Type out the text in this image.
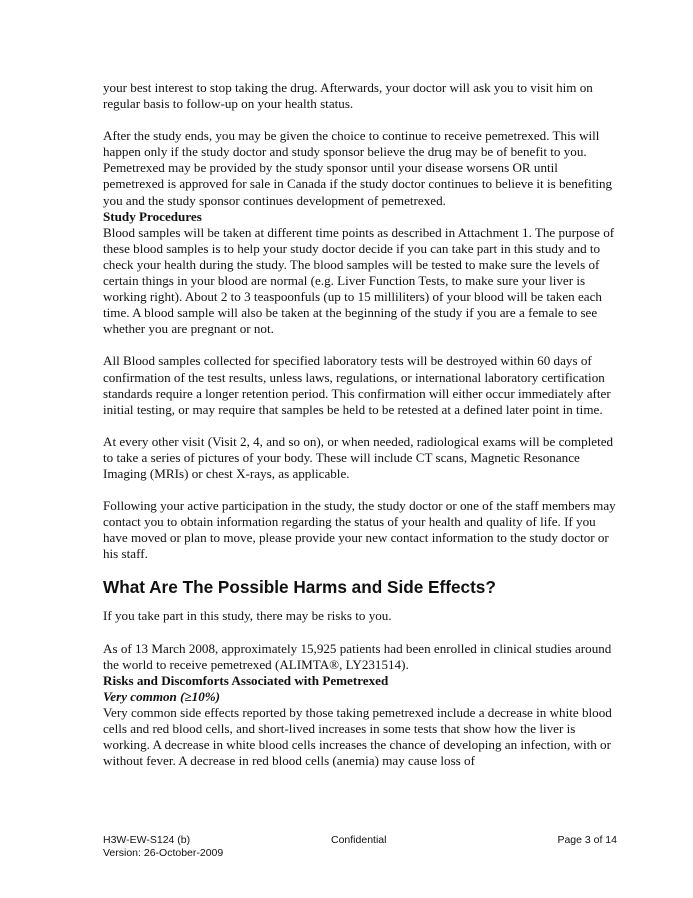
your best interest to stop taking the drug. Afterwards, your doctor will ask you to visit him on regular basis to follow-up on your health status.

After the study ends, you may be given the choice to continue to receive pemetrexed. This will happen only if the study doctor and study sponsor believe the drug may be of benefit to you. Pemetrexed may be provided by the study sponsor until your disease worsens OR until pemetrexed is approved for sale in Canada if the study doctor continues to believe it is benefiting you and the study sponsor continues development of pemetrexed.

Study Procedures

Blood samples will be taken at different time points as described in Attachment 1. The purpose of these blood samples is to help your study doctor decide if you can take part in this study and to check your health during the study. The blood samples will be tested to make sure the levels of certain things in your blood are normal (e.g. Liver Function Tests, to make sure your liver is working right). About 2 to 3 teaspoonfuls (up to 15 milliliters) of your blood will be taken each time. A blood sample will also be taken at the beginning of the study if you are a female to see whether you are pregnant or not.

All Blood samples collected for specified laboratory tests will be destroyed within 60 days of confirmation of the test results, unless laws, regulations, or international laboratory certification standards require a longer retention period. This confirmation will either occur immediately after initial testing, or may require that samples be held to be retested at a defined later point in time.

At every other visit (Visit 2, 4, and so on), or when needed, radiological exams will be completed to take a series of pictures of your body. These will include CT scans, Magnetic Resonance Imaging (MRIs) or chest X-rays, as applicable.

Following your active participation in the study, the study doctor or one of the staff members may contact you to obtain information regarding the status of your health and quality of life. If you have moved or plan to move, please provide your new contact information to the study doctor or his staff.

What Are The Possible Harms and Side Effects?

If you take part in this study, there may be risks to you.

As of 13 March 2008, approximately 15,925 patients had been enrolled in clinical studies around the world to receive pemetrexed (ALIMTA®, LY231514).

Risks and Discomforts Associated with Pemetrexed

Very common (≥10%)

Very common side effects reported by those taking pemetrexed include a decrease in white blood cells and red blood cells, and short-lived increases in some tests that show how the liver is working. A decrease in white blood cells increases the chance of developing an infection, with or without fever. A decrease in red blood cells (anemia) may cause loss of

H3W-EW-S124 (b)
Version: 26-October-2009
Confidential	Page 3 of 14
